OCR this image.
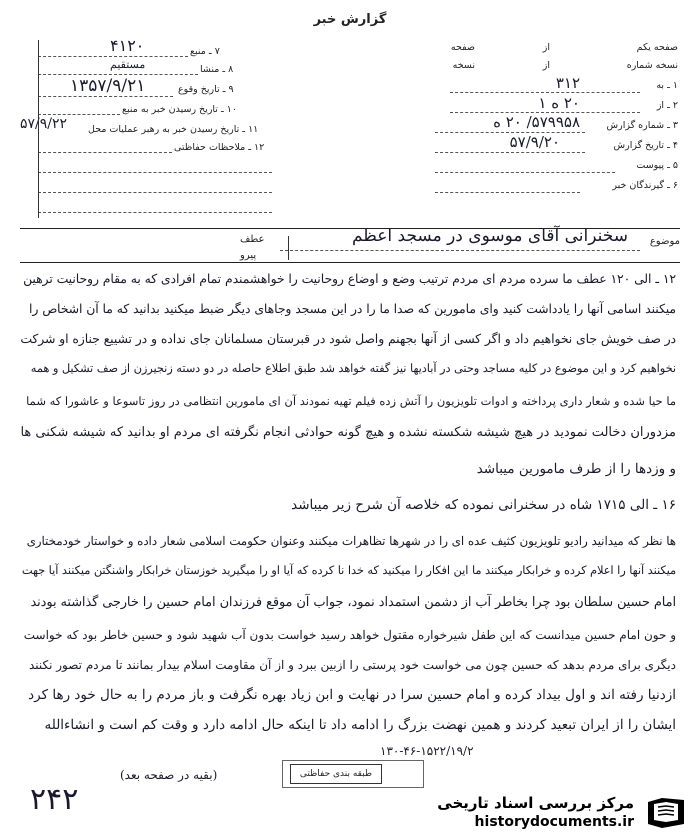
گزارش خبر
صفحه یکم
از
صفحه
نسخه شماره
از
نسخه
۱ ـ به
۳۱۲
۲ ـ از
۲۰ ه ۱
۳ ـ شماره گزارش
۵۷۹۹۵۸/ ۲۰ ه
۴ ـ تاریخ گزارش
۵۷/۹/۲۰
۵ ـ پیوست
۶ ـ گیرندگان خبر
۷ ـ منبع
۴۱۲۰
۸ ـ منشا
مستقیم
۹ ـ تاریخ وقوع
۱۳۵۷/۹/۲۱
۱۰ ـ تاریخ رسیدن خبر به منبع
۱۱ ـ تاریخ رسیدن خبر به رهبر عملیات محل
۵۷/۹/۲۲
۱۲ ـ ملاحظات حفاظتی
موضوع
سخنرانی آقای موسوی در مسجد اعظم
عطف
پیرو
۱۲ ـ الی ۱۲۰ عطف ما سرده مردم ای مردم ترتیب وضع و اوضاع روحانیت را خواهشمندم تمام افرادی که به مقام روحانیت ترهین
میکنند اسامی آنها را یادداشت کنید وای مامورین که صدا ما را در این مسجد وجاهای دیگر ضبط میکنید بدانید که ما آن اشخاص را
در صف خویش جای نخواهیم داد و اگر کسی از آنها بجهنم واصل شود در قبرستان مسلمانان جای نداده و در تشییع جنازه او شرکت
نخواهیم کرد و این موضوع در کلیه مساجد وحتی در آبادیها نیز گفته خواهد شد طبق اطلاع حاصله در دو دسته زنجیرزن از صف تشکیل و همه
ما حیا شده و شعار داری پرداخته و ادوات تلویزیون را آتش زده فیلم تهیه نمودند آن ای مامورین انتظامی در روز تاسوعا و عاشورا که شما
مزدوران دخالت نمودید در هیچ شیشه شکسته نشده و هیچ گونه حوادثی انجام نگرفته ای مردم او بدانید که شیشه شکنی ها
و وزدها را از طرف مامورین میباشد
۱۶ ـ الی ۱۷۱۵ شاه در سخنرانی نموده که خلاصه آن شرح زیر میباشد
ها نظر که میدانید رادیو تلویزیون کثیف عده ای را در شهرها تظاهرات میکنند وعنوان حکومت اسلامی شعار داده و خواستار خودمختاری
میکنند آنها را اعلام کرده و خرابکار میکنند ما این افکار را میکنید که خدا نا کرده که آیا او را میگیرید خوزستان خرابکار واشنگتن میکنند آیا جهت
امام حسین سلطان بود چرا بخاطر آب از دشمن استمداد نمود، جواب آن موقع فرزندان امام حسین را خارجی گذاشته بودند
و حون امام حسین میدانست که این طفل شیرخواره مقتول خواهد رسید خواست بدون آب شهید شود و حسین خاطر بود که خواست
دیگری برای مردم بدهد که حسین چون می خواست خود پرستی را ازبین ببرد و از آن مقاومت اسلام بیدار بمانند تا مردم تصور نکنند
ازدنیا رفته اند و اول بیداد کرده و امام حسین سرا در نهایت و ابن زیاد بهره نگرفت و باز مردم را به حال خود رها کرد
ایشان را از ایران تبعید کردند و همین نهضت بزرگ را ادامه داد تا اینکه حال ادامه دارد و وقت کم است و انشاءالله
۱۳۰-۴۶-۱۵۲۲/۱۹/۲
طبقه بندی حفاظتی
(بقیه در صفحه بعد)
۲۴۲	مرکز بررسی اسناد تاریخی
historydocuments.ir
